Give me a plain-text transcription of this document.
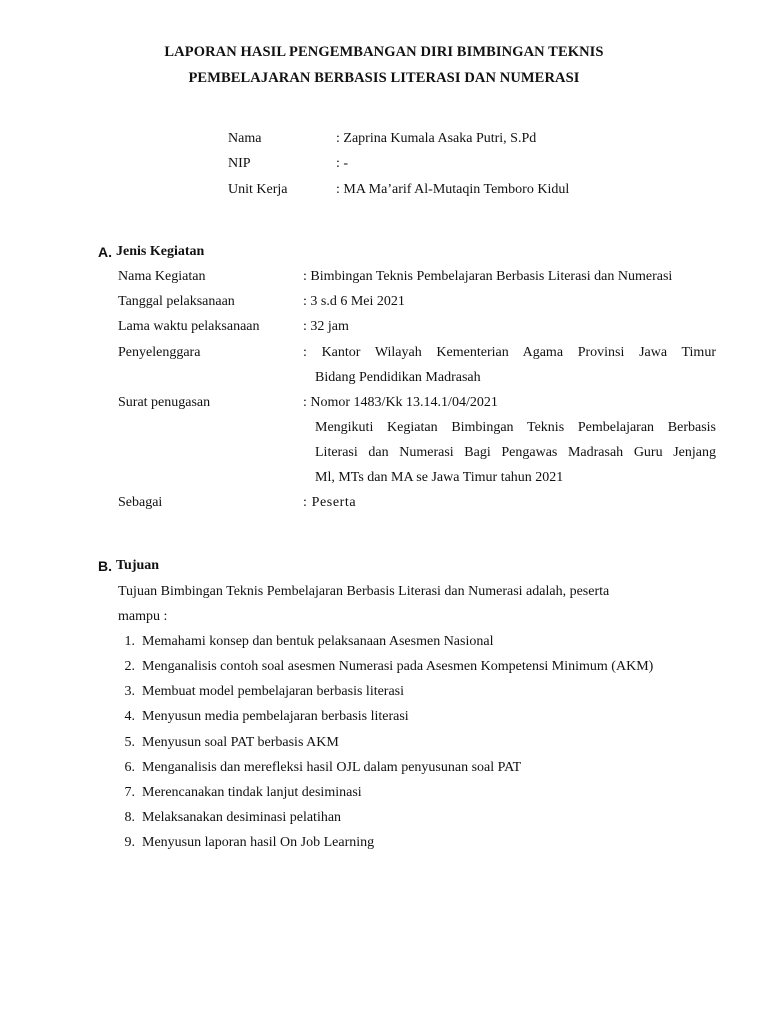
LAPORAN HASIL PENGEMBANGAN DIRI BIMBINGAN TEKNIS
PEMBELAJARAN BERBASIS LITERASI DAN NUMERASI
Nama	: Zaprina Kumala Asaka Putri, S.Pd
NIP	: -
Unit Kerja	: MA Ma’arif Al-Mutaqin Temboro Kidul
A. Jenis Kegiatan
Nama Kegiatan	: Bimbingan Teknis Pembelajaran Berbasis Literasi dan Numerasi
Tanggal pelaksanaan	: 3 s.d 6 Mei 2021
Lama waktu pelaksanaan	: 32 jam
Penyelenggara	: Kantor Wilayah Kementerian Agama Provinsi Jawa Timur
Bidang Pendidikan Madrasah
Surat penugasan	: Nomor 1483/Kk 13.14.1/04/2021
Mengikuti Kegiatan Bimbingan Teknis Pembelajaran Berbasis
Literasi dan Numerasi Bagi Pengawas Madrasah Guru Jenjang
Ml, MTs dan MA se Jawa Timur tahun 2021
Sebagai	: Peserta
B. Tujuan
Tujuan Bimbingan Teknis Pembelajaran Berbasis Literasi dan Numerasi adalah, peserta
mampu :
1. Memahami konsep dan bentuk pelaksanaan Asesmen Nasional
2. Menganalisis contoh soal asesmen Numerasi pada Asesmen Kompetensi Minimum (AKM)
3. Membuat model pembelajaran berbasis literasi
4. Menyusun media pembelajaran berbasis literasi
5. Menyusun soal PAT berbasis AKM
6. Menganalisis dan merefleksi hasil OJL dalam penyusunan soal PAT
7. Merencanakan tindak lanjut desiminasi
8. Melaksanakan desiminasi pelatihan
9. Menyusun laporan hasil On Job Learning
